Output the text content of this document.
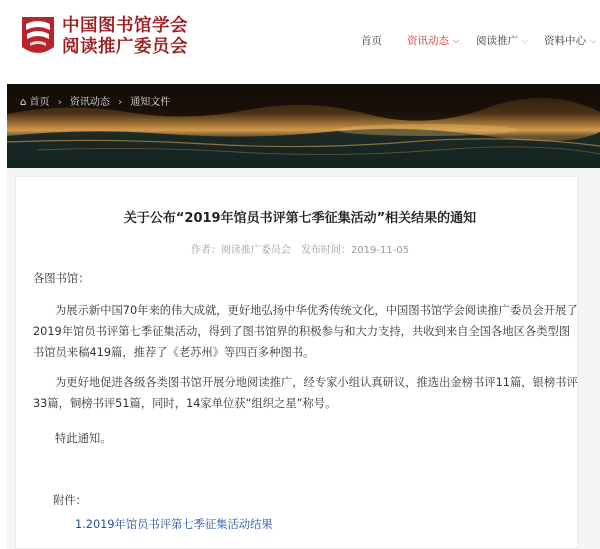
中国图书馆学会
阅读推广委员会	首页 资讯动态 ⌵ 阅读推广 ⌵ 资料中心 ⌵
⌂ 首页 › 资讯动态 › 通知文件
关于公布“2019年馆员书评第七季征集活动”相关结果的通知
作者：阅读推广委员会 发布时间：2019-11-05
各图书馆：
为展示新中国70年来的伟大成就，更好地弘扬中华优秀传统文化，中国图书馆学会阅读推广委员会开展了2019年馆员书评第七季征集活动，得到了图书馆界的积极参与和大力支持，共收到来自全国各地区各类型图书馆员来稿419篇，推荐了《老苏州》等四百多种图书。
为更好地促进各级各类图书馆开展分地阅读推广，经专家小组认真研议，推选出金榜书评11篇，银榜书评33篇，铜榜书评51篇，同时，14家单位获“组织之星”称号。
特此通知。
附件：
1.2019年馆员书评第七季征集活动结果
